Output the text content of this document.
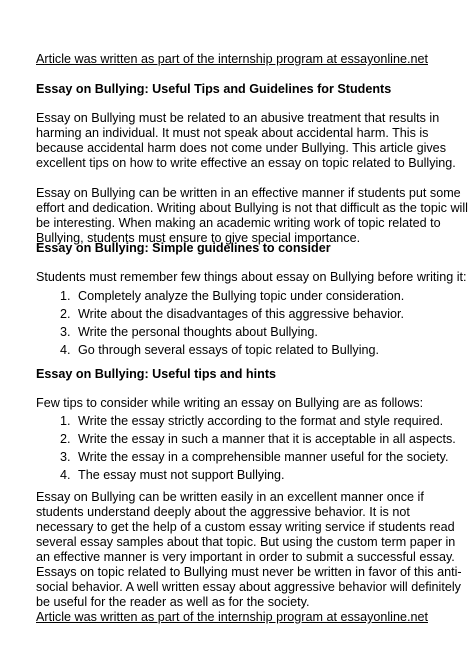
Article was written as part of the internship program at essayonline.net
Essay on Bullying: Useful Tips and Guidelines for Students
Essay on Bullying must be related to an abusive treatment that results in
harming an individual. It must not speak about accidental harm. This is
because accidental harm does not come under Bullying. This article gives
excellent tips on how to write effective an essay on topic related to Bullying.
Essay on Bullying can be written in an effective manner if students put some
effort and dedication. Writing about Bullying is not that difficult as the topic will
be interesting. When making an academic writing work of topic related to
Bullying, students must ensure to give special importance.
Essay on Bullying: Simple guidelines to consider
Students must remember few things about essay on Bullying before writing it:
1. Completely analyze the Bullying topic under consideration.
2. Write about the disadvantages of this aggressive behavior.
3. Write the personal thoughts about Bullying.
4. Go through several essays of topic related to Bullying.
Essay on Bullying: Useful tips and hints
Few tips to consider while writing an essay on Bullying are as follows:
1. Write the essay strictly according to the format and style required.
2. Write the essay in such a manner that it is acceptable in all aspects.
3. Write the essay in a comprehensible manner useful for the society.
4. The essay must not support Bullying.
Essay on Bullying can be written easily in an excellent manner once if
students understand deeply about the aggressive behavior. It is not
necessary to get the help of a custom essay writing service if students read
several essay samples about that topic. But using the custom term paper in
an effective manner is very important in order to submit a successful essay.
Essays on topic related to Bullying must never be written in favor of this anti-
social behavior. A well written essay about aggressive behavior will definitely
be useful for the reader as well as for the society.
Article was written as part of the internship program at essayonline.net
